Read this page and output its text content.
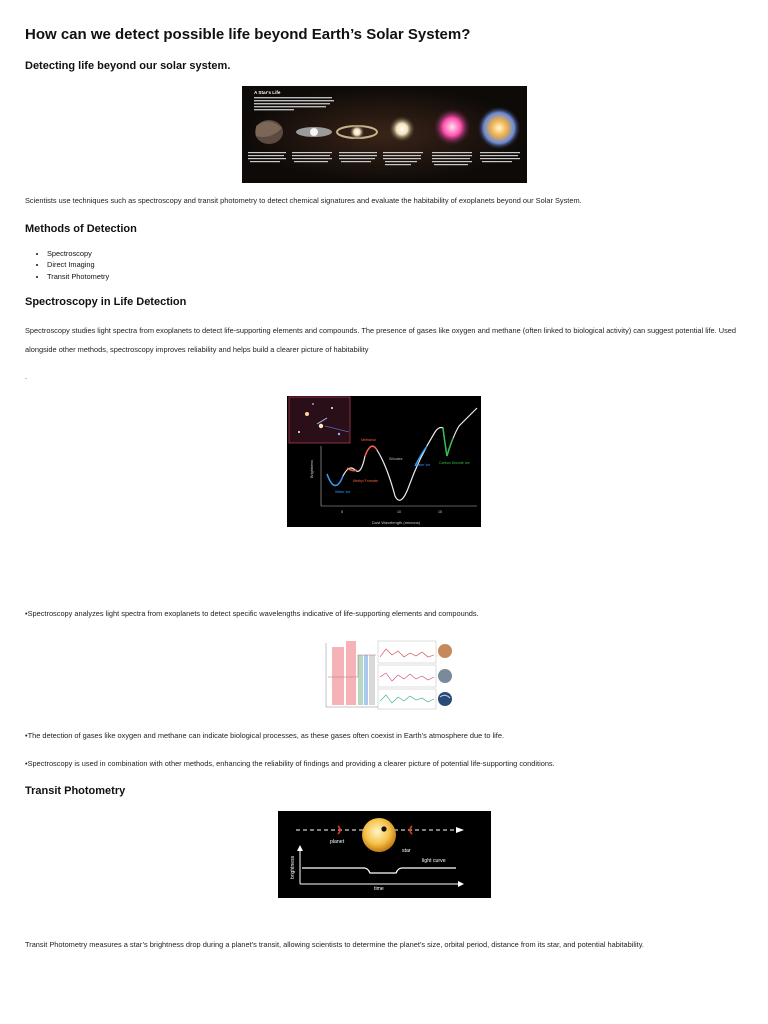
How can we detect possible life beyond Earth’s Solar System?
Detecting life beyond our solar system.
A Star's Life

Scientists use techniques such as spectroscopy and transit photometry to detect chemical signatures and evaluate the habitability of exoplanets beyond our Solar System.

Methods of Detection
• Spectroscopy
• Direct Imaging
• Transit Photometry
Spectroscopy in Life Detection

Spectroscopy studies light spectra from exoplanets to detect life-supporting elements and compounds. The presence of gases like oxygen and methane (often linked to biological activity) can suggest potential life. Used alongside other methods, spectroscopy improves reliability and helps build a clearer picture of habitability

.

Brightness
Dust Wavelength (microns)
5	10	15
Water Ice
Methyl Formate
Methanol
Silicates
Water Ice Carbon Dioxide Ice

•Spectroscopy analyzes light spectra from exoplanets to detect specific wavelengths indicative of life-supporting elements and compounds.

•The detection of gases like oxygen and methane can indicate biological processes, as these gases often coexist in Earth’s atmosphere due to life.

•Spectroscopy is used in combination with other methods, enhancing the reliability of findings and providing a clearer picture of potential life-supporting conditions.

Transit Photometry
planet
star
light curve
brightness
time

Transit Photometry measures a star’s brightness drop during a planet’s transit, allowing scientists to determine the planet’s size, orbital period, distance from its star, and potential habitability.
